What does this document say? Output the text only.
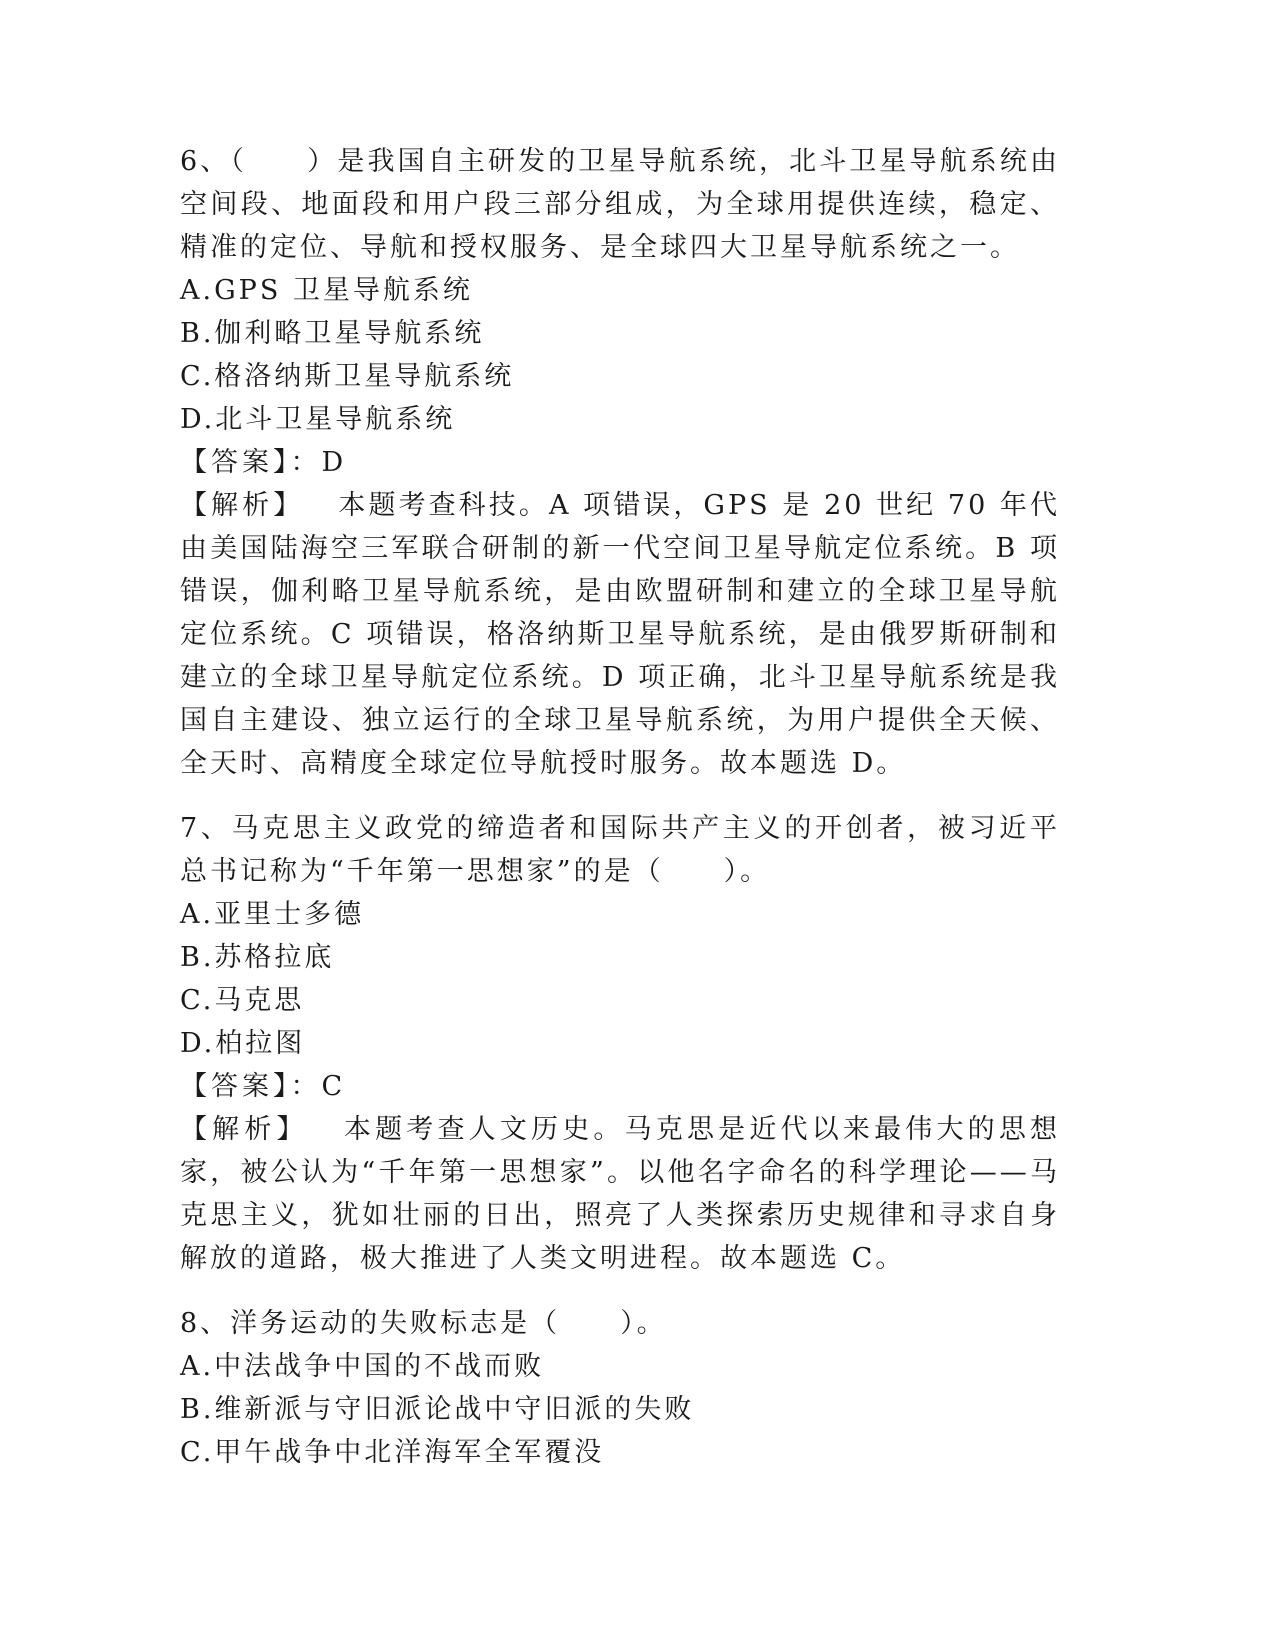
6、（　　）是我国自主研发的卫星导航系统，北斗卫星导航系统由空间段、地面段和用户段三部分组成，为全球用提供连续，稳定、精准的定位、导航和授权服务、是全球四大卫星导航系统之一。

A.GPS 卫星导航系统

B.伽利略卫星导航系统

C.格洛纳斯卫星导航系统

D.北斗卫星导航系统

【答案】：D

【解析】 本题考查科技。A 项错误，GPS 是 20 世纪 70 年代由美国陆海空三军联合研制的新一代空间卫星导航定位系统。B 项错误，伽利略卫星导航系统，是由欧盟研制和建立的全球卫星导航定位系统。C 项错误，格洛纳斯卫星导航系统，是由俄罗斯研制和建立的全球卫星导航定位系统。D 项正确，北斗卫星导航系统是我国自主建设、独立运行的全球卫星导航系统，为用户提供全天候、全天时、高精度全球定位导航授时服务。故本题选 D。

7、马克思主义政党的缔造者和国际共产主义的开创者，被习近平总书记称为“千年第一思想家”的是（　　）。

A.亚里士多德

B.苏格拉底

C.马克思

D.柏拉图

【答案】：C

【解析】 本题考查人文历史。马克思是近代以来最伟大的思想家，被公认为“千年第一思想家”。以他名字命名的科学理论——马克思主义，犹如壮丽的日出，照亮了人类探索历史规律和寻求自身解放的道路，极大推进了人类文明进程。故本题选 C。

8、洋务运动的失败标志是（　　）。

A.中法战争中国的不战而败

B.维新派与守旧派论战中守旧派的失败

C.甲午战争中北洋海军全军覆没
